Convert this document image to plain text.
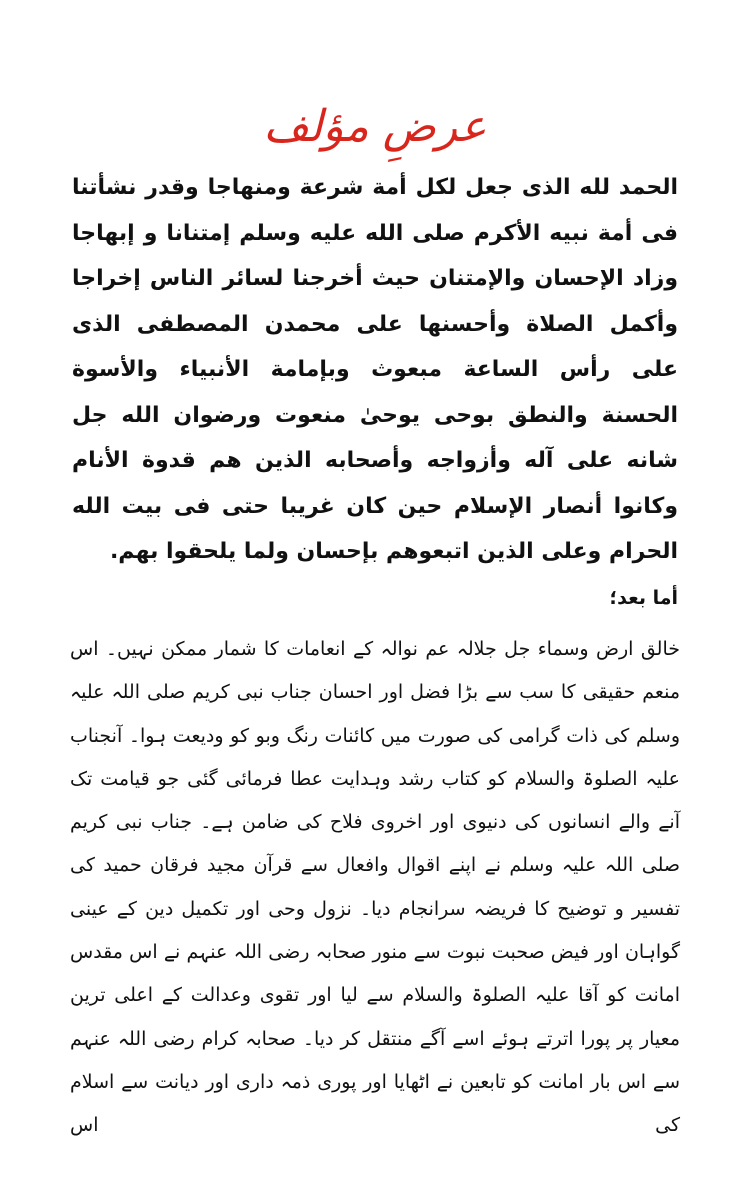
عرضِ مؤلف

الحمد لله الذى جعل لكل أمة شرعة ومنهاجا وقدر نشأتنا فى أمة نبيه الأكرم صلى الله عليه وسلم إمتنانا و إبهاجا وزاد الإحسان والإمتنان حيث أخرجنا لسائر الناس إخراجا وأكمل الصلاة وأحسنها على محمدن المصطفى الذى على رأس الساعة مبعوث وبإمامة الأنبياء والأسوة الحسنة والنطق بوحى يوحىٰ منعوت ورضوان الله جل شانه على آله وأزواجه وأصحابه الذين هم قدوة الأنام وكانوا أنصار الإسلام حين كان غريبا حتى فى بيت الله الحرام وعلى الذين اتبعوهم بإحسان ولما يلحقوا بهم.

أما بعد؛

خالق ارض وسماء جل جلالہ عم نوالہ کے انعامات کا شمار ممکن نہیں۔ اس منعم حقیقی کا سب سے بڑا فضل اور احسان جناب نبی کریم صلی اللہ علیہ وسلم کی ذات گرامی کی صورت میں کائنات رنگ وبو کو ودیعت ہوا۔ آنجناب علیہ الصلوۃ والسلام کو کتاب رشد وہدایت عطا فرمائی گئی جو قیامت تک آنے والے انسانوں کی دنیوی اور اخروی فلاح کی ضامن ہے۔ جناب نبی کریم صلی اللہ علیہ وسلم نے اپنے اقوال وافعال سے قرآن مجید فرقان حمید کی تفسیر و توضیح کا فریضہ سرانجام دیا۔ نزول وحی اور تکمیل دین کے عینی گواہان اور فیض صحبت نبوت سے منور صحابہ رضی اللہ عنہم نے اس مقدس امانت کو آقا علیہ الصلوۃ والسلام سے لیا اور تقوی وعدالت کے اعلی ترین معیار پر پورا اترتے ہوئے اسے آگے منتقل کر دیا۔ صحابہ کرام رضی اللہ عنہم سے اس بار امانت کو تابعین نے اٹھایا اور پوری ذمہ داری اور دیانت سے اسلام کی اس
